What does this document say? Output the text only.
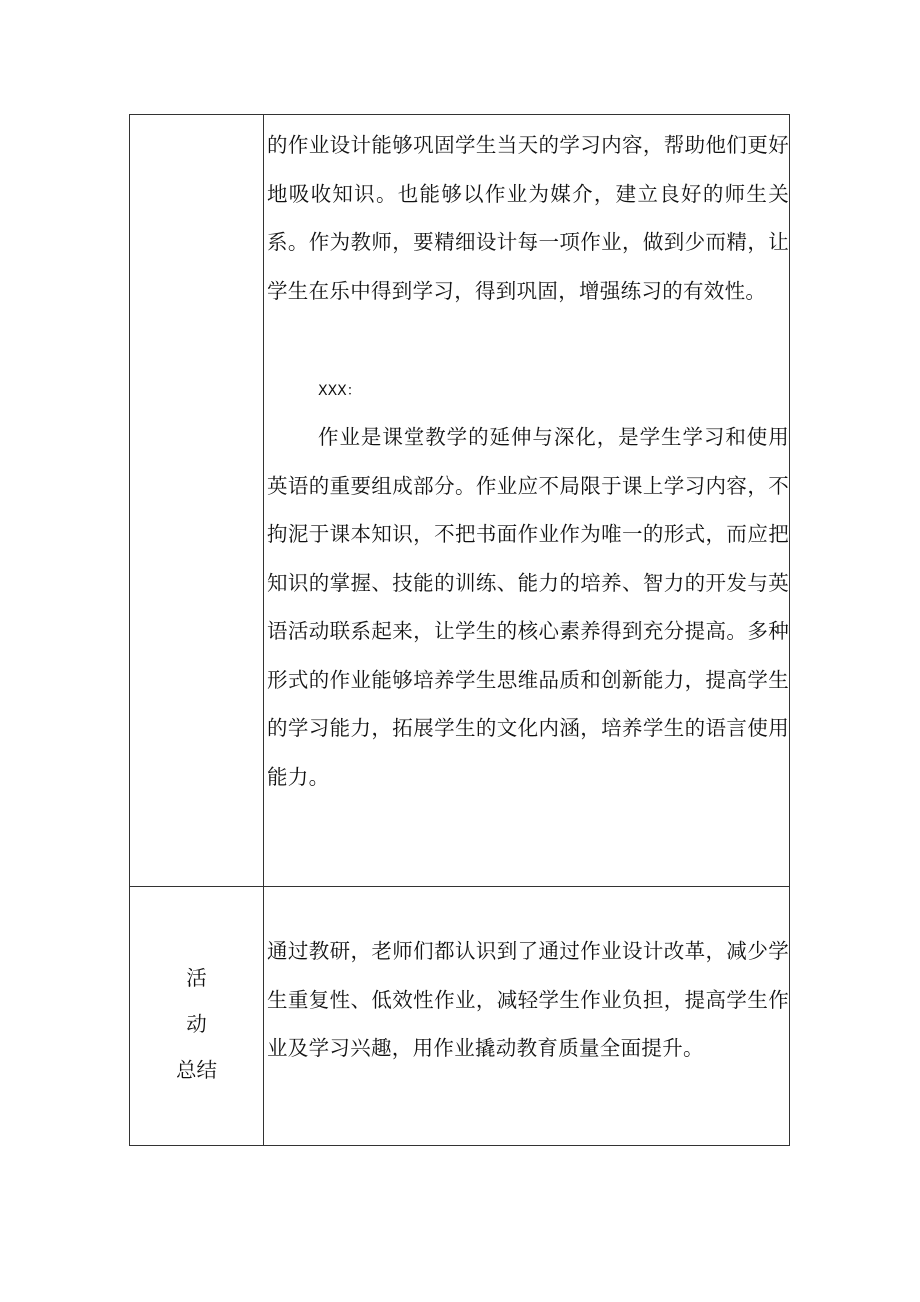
的作业设计能够巩固学生当天的学习内容，帮助他们更好地吸收知识。也能够以作业为媒介，建立良好的师生关系。作为教师，要精细设计每一项作业，做到少而精，让学生在乐中得到学习，得到巩固，增强练习的有效性。

XXX：

作业是课堂教学的延伸与深化，是学生学习和使用英语的重要组成部分。作业应不局限于课上学习内容，不拘泥于课本知识，不把书面作业作为唯一的形式，而应把知识的掌握、技能的训练、能力的培养、智力的开发与英语活动联系起来，让学生的核心素养得到充分提高。多种形式的作业能够培养学生思维品质和创新能力，提高学生的学习能力，拓展学生的文化内涵，培养学生的语言使用能力。

活
动
总结

通过教研，老师们都认识到了通过作业设计改革，减少学生重复性、低效性作业，减轻学生作业负担，提高学生作业及学习兴趣，用作业撬动教育质量全面提升。
